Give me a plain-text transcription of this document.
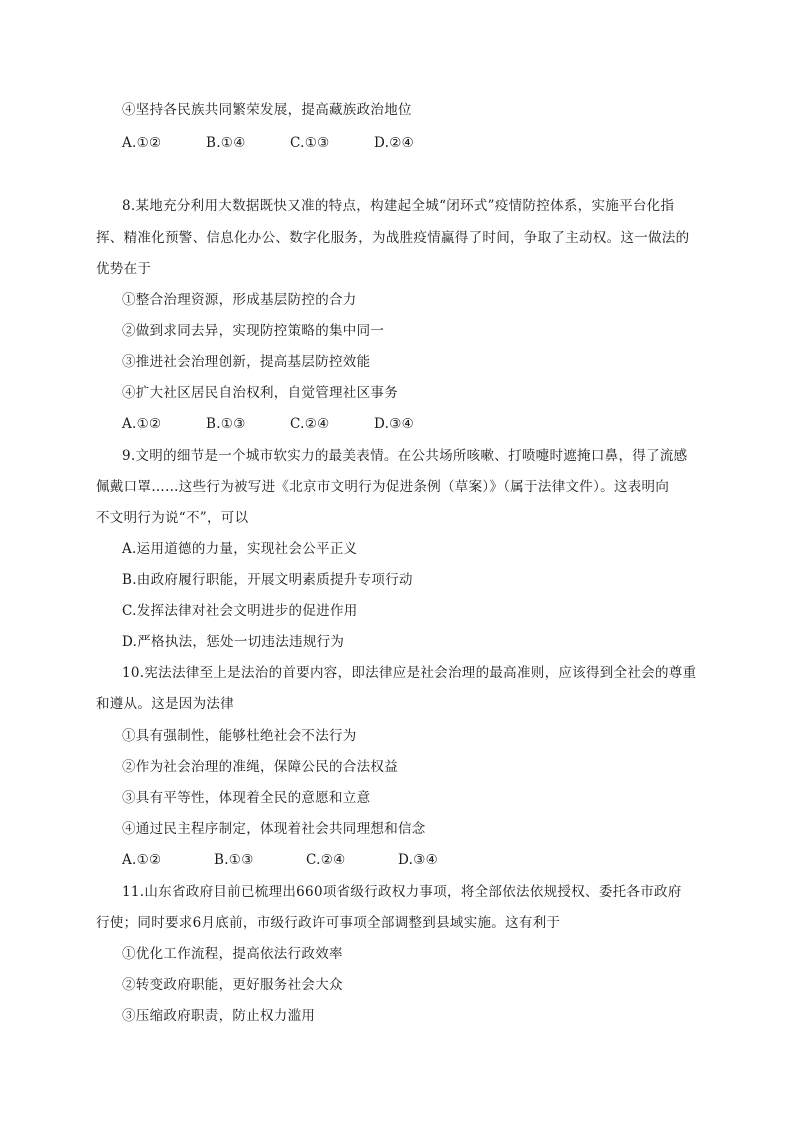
④坚持各民族共同繁荣发展，提高藏族政治地位
A.①②	B.①④	C.①③	D.②④
8.某地充分利用大数据既快又准的特点，构建起全城“闭环式”疫情防控体系，实施平台化指
挥、精准化预警、信息化办公、数字化服务，为战胜疫情赢得了时间，争取了主动权。这一做法的
优势在于
①整合治理资源，形成基层防控的合力
②做到求同去异，实现防控策略的集中同一
③推进社会治理创新，提高基层防控效能
④扩大社区居民自治权利，自觉管理社区事务
A.①②	B.①③	C.②④	D.③④
9.文明的细节是一个城市软实力的最美表情。在公共场所咳嗽、打喷嚏时遮掩口鼻，得了流感
佩戴口罩……这些行为被写进《北京市文明行为促进条例（草案）》（属于法律文件）。这表明向
不文明行为说“不”，可以
A.运用道德的力量，实现社会公平正义
B.由政府履行职能，开展文明素质提升专项行动
C.发挥法律对社会文明进步的促进作用
D.严格执法，惩处一切违法违规行为
10.宪法法律至上是法治的首要内容，即法律应是社会治理的最高准则，应该得到全社会的尊重
和遵从。这是因为法律
①具有强制性，能够杜绝社会不法行为
②作为社会治理的准绳，保障公民的合法权益
③具有平等性，体现着全民的意愿和立意
④通过民主程序制定，体现着社会共同理想和信念
A.①②	B.①③	C.②④	D.③④
11.山东省政府目前已梳理出660项省级行政权力事项，将全部依法依规授权、委托各市政府
行使；同时要求6月底前，市级行政许可事项全部调整到县域实施。这有利于
①优化工作流程，提高依法行政效率
②转变政府职能，更好服务社会大众
③压缩政府职责，防止权力滥用
